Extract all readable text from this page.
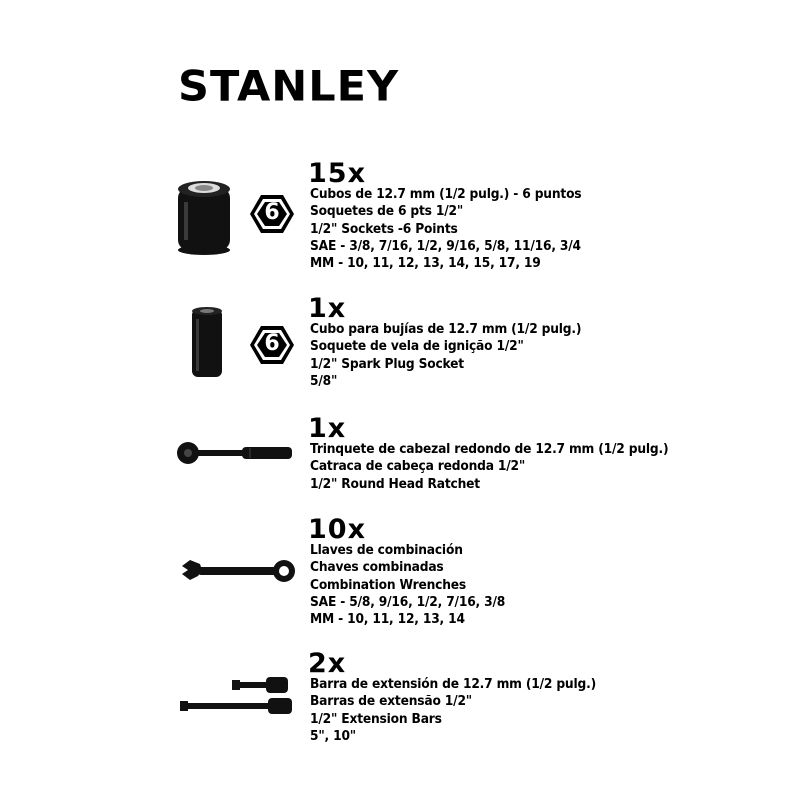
STANLEY
6
15x
Cubos de 12.7 mm (1/2 pulg.) - 6 puntos
Soquetes de 6 pts 1/2"
1/2" Sockets -6 Points
SAE - 3/8, 7/16, 1/2, 9/16, 5/8, 11/16, 3/4
MM - 10, 11, 12, 13, 14, 15, 17, 19
6
1x
Cubo para bujías de 12.7 mm (1/2 pulg.)
Soquete de vela de ignição 1/2"
1/2" Spark Plug Socket
5/8"
1x
Trinquete de cabezal redondo de 12.7 mm (1/2 pulg.)
Catraca de cabeça redonda 1/2"
1/2" Round Head Ratchet
10x
Llaves de combinación
Chaves combinadas
Combination Wrenches
SAE - 5/8, 9/16, 1/2, 7/16, 3/8
MM - 10, 11, 12, 13, 14
2x
Barra de extensión de 12.7 mm (1/2 pulg.)
Barras de extensão 1/2"
1/2" Extension Bars
5", 10"
